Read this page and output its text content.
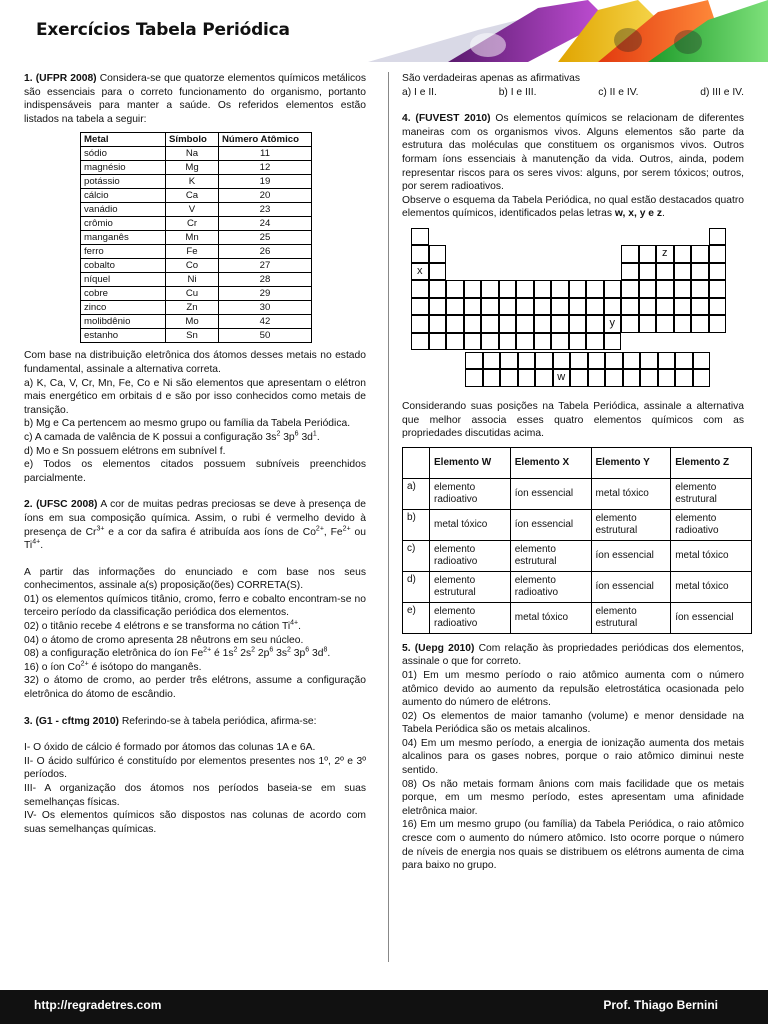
Exercícios Tabela Periódica

1. (UFPR 2008) Considera-se que quatorze elementos químicos metálicos são essenciais para o correto funcionamento do organismo, portanto indispensáveis para manter a saúde. Os referidos elementos estão listados na tabela a seguir:

Metal	Símbolo	Número Atômico
sódio	Na	11
magnésio	Mg	12
potássio	K	19
cálcio	Ca	20
vanádio	V	23
crômio	Cr	24
manganês	Mn	25
ferro	Fe	26
cobalto	Co	27
níquel	Ni	28
cobre	Cu	29
zinco	Zn	30
molibdênio	Mo	42
estanho	Sn	50

Com base na distribuição eletrônica dos átomos desses metais no estado fundamental, assinale a alternativa correta.

a) K, Ca, V, Cr, Mn, Fe, Co e Ni são elementos que apresentam o elétron mais energético em orbitais d e são por isso conhecidos como metais de transição.

b) Mg e Ca pertencem ao mesmo grupo ou família da Tabela Periódica.

c) A camada de valência de K possui a configuração $3s^2$ $3p^6$ $3d^1$.

d) Mo e Sn possuem elétrons em subnível f.

e) Todos os elementos citados possuem subníveis preenchidos parcialmente.

2. (UFSC 2008) A cor de muitas pedras preciosas se deve à presença de íons em sua composição química. Assim, o rubi é vermelho devido à presença de $Cr^{3+}$ e a cor da safira é atribuída aos íons de $Co^{2+}$, $Fe^{2+}$ ou $Ti^{4+}$.

A partir das informações do enunciado e com base nos seus conhecimentos, assinale a(s) proposição(ões) CORRETA(S).

01) os elementos químicos titânio, cromo, ferro e cobalto encontram-se no terceiro período da classificação periódica dos elementos.

02) o titânio recebe 4 elétrons e se transforma no cátion $Ti^{4+}$.

04) o átomo de cromo apresenta 28 nêutrons em seu núcleo.

08) a configuração eletrônica do íon $Fe^{2+}$ é $1s^2$ $2s^2$ $2p^6$ $3s^2$ $3p^6$ $3d^8$.

16) o íon $Co^{2+}$ é isótopo do manganês.

32) o átomo de cromo, ao perder três elétrons, assume a configuração eletrônica do átomo de escândio.

3. (G1 - cftmg 2010) Referindo-se à tabela periódica, afirma-se:

I- O óxido de cálcio é formado por átomos das colunas 1A e 6A.

II- O ácido sulfúrico é constituído por elementos presentes nos 1º, 2º e 3º períodos.

III- A organização dos átomos nos períodos baseia-se em suas semelhanças físicas.

IV- Os elementos químicos são dispostos nas colunas de acordo com suas semelhanças químicas.

São verdadeiras apenas as afirmativas

a) I e II.	b) I e III.	c) II e IV.	d) III e IV.

4. (FUVEST 2010) Os elementos químicos se relacionam de diferentes maneiras com os organismos vivos. Alguns elementos são parte da estrutura das moléculas que constituem os organismos vivos. Outros formam íons essenciais à manutenção da vida. Outros, ainda, podem representar riscos para os seres vivos: alguns, por serem tóxicos; outros, por serem radioativos.

Observe o esquema da Tabela Periódica, no qual estão destacados quatro elementos químicos, identificados pelas letras w, x, y e z.

z
x
y
w

Considerando suas posições na Tabela Periódica, assinale a alternativa que melhor associa esses quatro elementos químicos com as propriedades discutidas acima.

	Elemento W	Elemento X	Elemento Y	Elemento Z
a)	elemento radioativo	íon essencial	metal tóxico	elemento estrutural
b)	metal tóxico	íon essencial	elemento estrutural	elemento radioativo
c)	elemento radioativo	elemento estrutural	íon essencial	metal tóxico
d)	elemento estrutural	elemento radioativo	íon essencial	metal tóxico
e)	elemento radioativo	metal tóxico	elemento estrutural	íon essencial

5. (Uepg 2010) Com relação às propriedades periódicas dos elementos, assinale o que for correto.

01) Em um mesmo período o raio atômico aumenta com o número atômico devido ao aumento da repulsão eletrostática ocasionada pelo aumento do número de elétrons.

02) Os elementos de maior tamanho (volume) e menor densidade na Tabela Periódica são os metais alcalinos.

04) Em um mesmo período, a energia de ionização aumenta dos metais alcalinos para os gases nobres, porque o raio atômico diminui neste sentido.

08) Os não metais formam ânions com mais facilidade que os metais porque, em um mesmo período, estes apresentam uma afinidade eletrônica maior.

16) Em um mesmo grupo (ou família) da Tabela Periódica, o raio atômico cresce com o aumento do número atômico. Isto ocorre porque o número de níveis de energia nos quais se distribuem os elétrons aumenta de cima para baixo no grupo.

http://regradetres.com	Prof. Thiago Bernini
